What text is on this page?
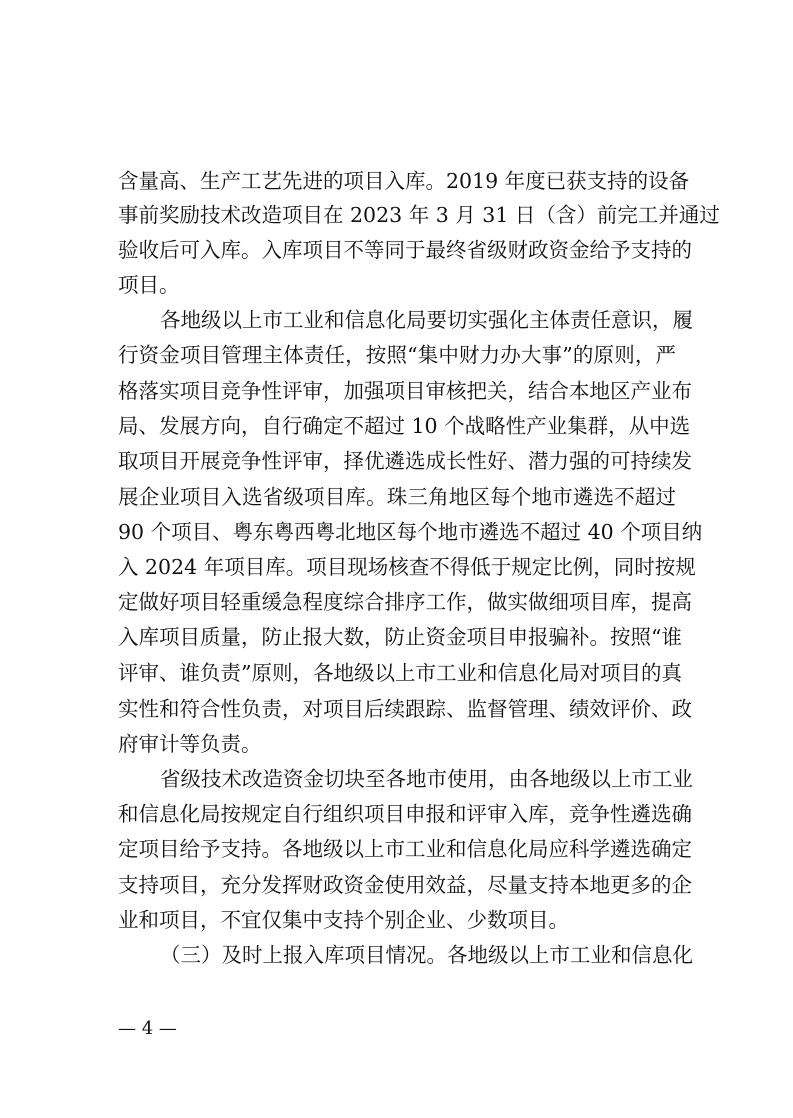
含量高、生产工艺先进的项目入库。2019 年度已获支持的设备
事前奖励技术改造项目在 2023 年 3 月 31 日（含）前完工并通过
验收后可入库。入库项目不等同于最终省级财政资金给予支持的
项目。
各地级以上市工业和信息化局要切实强化主体责任意识，履
行资金项目管理主体责任，按照“集中财力办大事”的原则，严
格落实项目竞争性评审，加强项目审核把关，结合本地区产业布
局、发展方向，自行确定不超过 10 个战略性产业集群，从中选
取项目开展竞争性评审，择优遴选成长性好、潜力强的可持续发
展企业项目入选省级项目库。珠三角地区每个地市遴选不超过
90 个项目、粤东粤西粤北地区每个地市遴选不超过 40 个项目纳
入 2024 年项目库。项目现场核查不得低于规定比例，同时按规
定做好项目轻重缓急程度综合排序工作，做实做细项目库，提高
入库项目质量，防止报大数，防止资金项目申报骗补。按照“谁
评审、谁负责”原则，各地级以上市工业和信息化局对项目的真
实性和符合性负责，对项目后续跟踪、监督管理、绩效评价、政
府审计等负责。
省级技术改造资金切块至各地市使用，由各地级以上市工业
和信息化局按规定自行组织项目申报和评审入库，竞争性遴选确
定项目给予支持。各地级以上市工业和信息化局应科学遴选确定
支持项目，充分发挥财政资金使用效益，尽量支持本地更多的企
业和项目，不宜仅集中支持个别企业、少数项目。
（三）及时上报入库项目情况。各地级以上市工业和信息化
— 4 —
